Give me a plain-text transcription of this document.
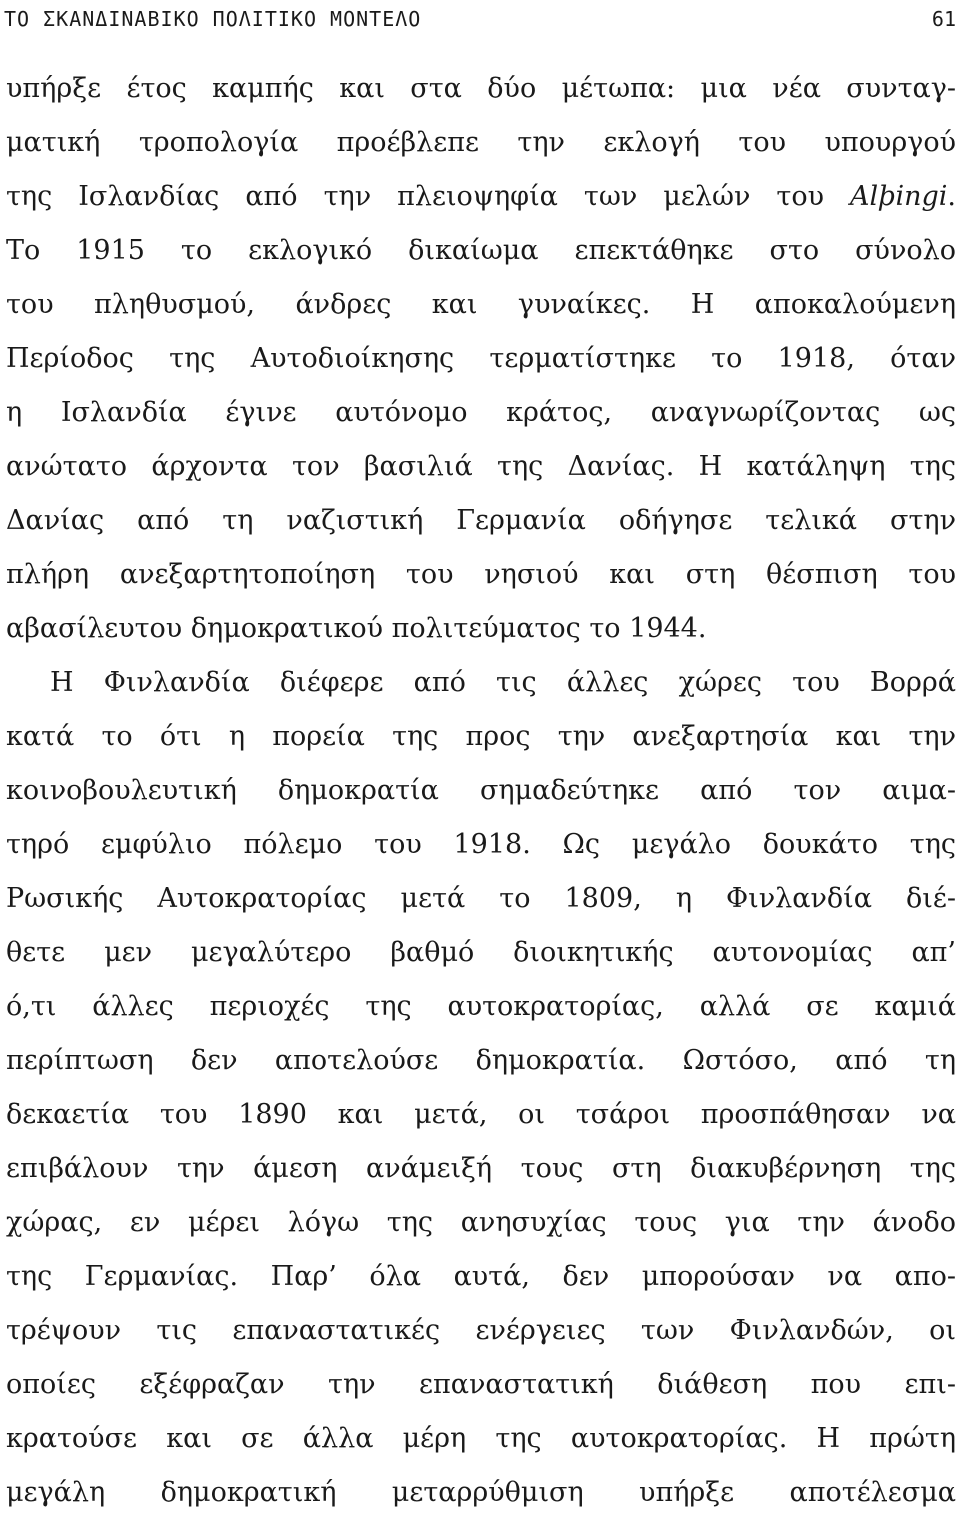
ΤΟ ΣΚΑΝΔΙΝΑΒΙΚΟ ΠΟΛΙΤΙΚΟ ΜΟΝΤΕΛΟ	61
υπήρξε έτος καμπής και στα δύο μέτωπα: μια νέα συνταγ-
ματική τροπολογία προέβλεπε την εκλογή του υπουργού
της Ισλανδίας από την πλειοψηφία των μελών του Alþingi.
Το 1915 το εκλογικό δικαίωμα επεκτάθηκε στο σύνολο
του πληθυσμού, άνδρες και γυναίκες. Η αποκαλούμενη
Περίοδος της Αυτοδιοίκησης τερματίστηκε το 1918, όταν
η Ισλανδία έγινε αυτόνομο κράτος, αναγνωρίζοντας ως
ανώτατο άρχοντα τον βασιλιά της Δανίας. Η κατάληψη της
Δανίας από τη ναζιστική Γερμανία οδήγησε τελικά στην
πλήρη ανεξαρτητοποίηση του νησιού και στη θέσπιση του
αβασίλευτου δημοκρατικού πολιτεύματος το 1944.
Η Φινλανδία διέφερε από τις άλλες χώρες του Βορρά
κατά το ότι η πορεία της προς την ανεξαρτησία και την
κοινοβουλευτική δημοκρατία σημαδεύτηκε από τον αιμα-
τηρό εμφύλιο πόλεμο του 1918. Ως μεγάλο δουκάτο της
Ρωσικής Αυτοκρατορίας μετά το 1809, η Φινλανδία διέ-
θετε μεν μεγαλύτερο βαθμό διοικητικής αυτονομίας απ’
ό,τι άλλες περιοχές της αυτοκρατορίας, αλλά σε καμιά
περίπτωση δεν αποτελούσε δημοκρατία. Ωστόσο, από τη
δεκαετία του 1890 και μετά, οι τσάροι προσπάθησαν να
επιβάλουν την άμεση ανάμειξή τους στη διακυβέρνηση της
χώρας, εν μέρει λόγω της ανησυχίας τους για την άνοδο
της Γερμανίας. Παρ’ όλα αυτά, δεν μπορούσαν να απο-
τρέψουν τις επαναστατικές ενέργειες των Φινλανδών, οι
οποίες εξέφραζαν την επαναστατική διάθεση που επι-
κρατούσε και σε άλλα μέρη της αυτοκρατορίας. Η πρώτη
μεγάλη δημοκρατική μεταρρύθμιση υπήρξε αποτέλεσμα
